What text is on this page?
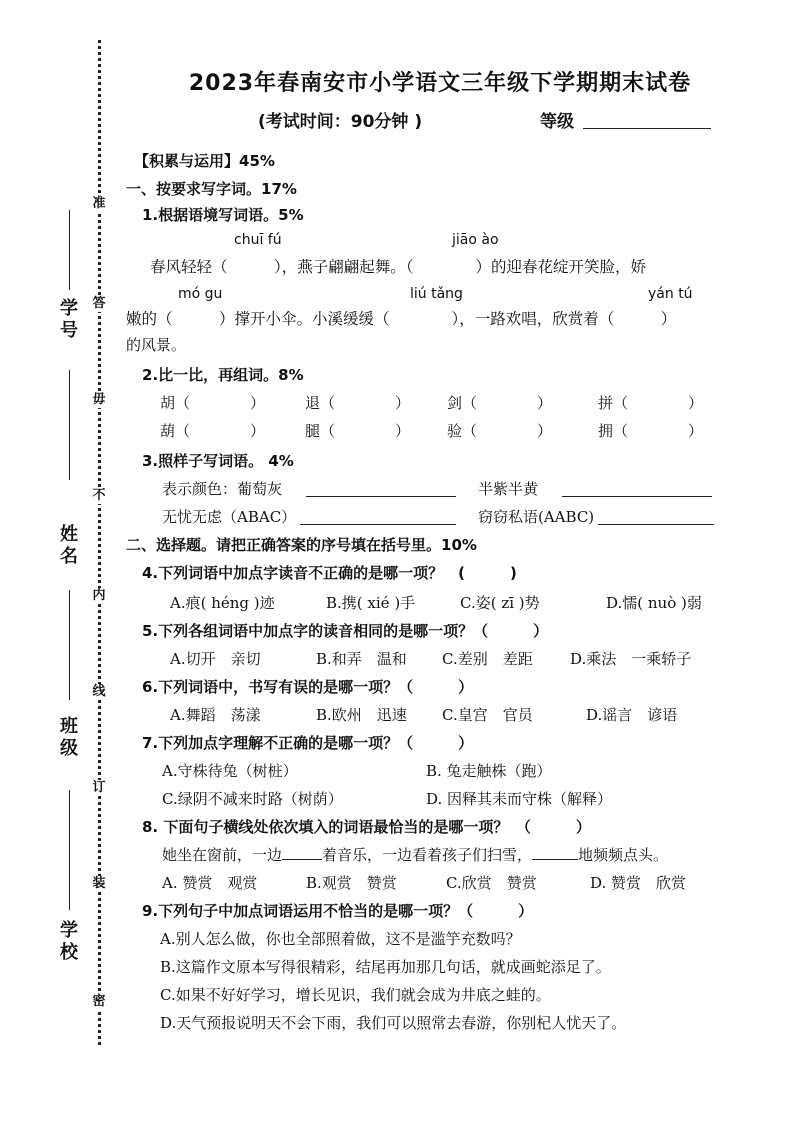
准
答
毋
不
内
线
订
装
密
学 号
姓 名
班 级
学 校
2023年春南安市小学语文三年级下学期期末试卷
(考试时间：90分钟 )	等级
【积累与运用】45%
一、按要求写字词。17%
1.根据语境写词语。5%
chuī fú	jiāo ào
春风轻轻（　　　），燕子翩翩起舞。（　　　　）的迎春花绽开笑脸，娇
mó gu	liú tǎng	yán tú
嫩的（　　　）撑开小伞。小溪缓缓（　　　　），一路欢唱，欣赏着（　　　）
的风景。
2.比一比，再组词。8%
胡（　　　　）	退（　　　　） 剑（　　　　）	拼（　　　　）
葫（　　　　）	腿（　　　　） 验（　　　　）	拥（　　　　）
3.照样子写词语。 4%
表示颜色：葡萄灰	半紫半黄
无忧无虑（ABAC）	窃窃私语(AABC)
二、选择题。请把正确答案的序号填在括号里。10%
4.下列词语中加点字读音不正确的是哪一项？　(　　　)
A.痕( héng )迹	B.携( xié )手	C.姿( zī )势	D.懦( nuò )弱
5.下列各组词语中加点字的读音相同的是哪一项？（　　　）
A.切开　亲切	B.和弄　温和 C.差别　差距 D.乘法　一乘轿子
6.下列词语中，书写有误的是哪一项？（　　　）
A.舞蹈　荡漾	B.欧州　迅速 C.皇宫　官员	D.谣言　谚语
7.下列加点字理解不正确的是哪一项？（　　　）
A.守株待兔（树桩）	B. 兔走触株（跑）
C.绿阴不减来时路（树荫）	D. 因释其耒而守株（解释）
8. 下面句子横线处依次填入的词语最恰当的是哪一项？　（　　　）
她坐在窗前，一边	着音乐，一边看着孩子们扫雪，	地频频点头。
A. 赞赏　观赏	B.观赏　赞赏	C.欣赏　赞赏	D. 赞赏　欣赏
9.下列句子中加点词语运用不恰当的是哪一项？（　　　）
A.别人怎么做，你也全部照着做，这不是滥竽充数吗？
B.这篇作文原本写得很精彩，结尾再加那几句话，就成画蛇添足了。
C.如果不好好学习，增长见识，我们就会成为井底之蛙的。
D.天气预报说明天不会下雨，我们可以照常去春游，你别杞人忧天了。
